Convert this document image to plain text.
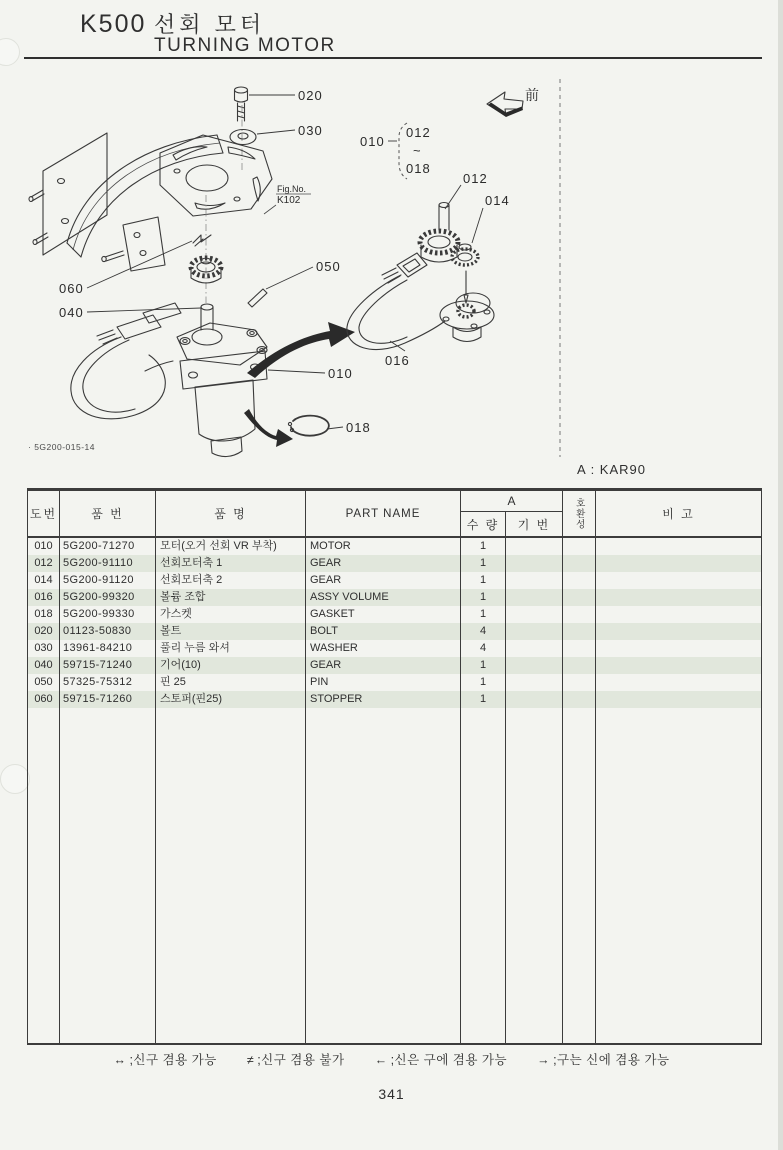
K500 선회 모터
TURNING MOTOR
前
010
012
~
018
020
030
Fig.No.
K102
060
040
050
010
018
016
012
014
· 5G200-015-14
A : KAR90
도번	품 번	품 명	PART NAME
A
수 량	기 번	호환성	비 고
010 5G200-71270	모터(오거 선회 VR 부착)	MOTOR	1
012 5G200-91110	선회모터축 1	GEAR	1
014 5G200-91120	선회모터축 2	GEAR	1
016 5G200-99320	볼륨 조합	ASSY VOLUME	1
018 5G200-99330	가스켓	GASKET	1
020 01123-50830	볼트	BOLT	4
030 13961-84210	풀리 누름 와셔	WASHER	4
040 59715-71240	기어(10)	GEAR	1
050 57325-75312	핀 25	PIN	1
060 59715-71260	스토퍼(핀25)	STOPPER	1
↔ ;신구 겸용 가능 ≠ ;신구 겸용 불가 ← ;신은 구에 겸용 가능 → ;구는 신에 겸용 가능
341
